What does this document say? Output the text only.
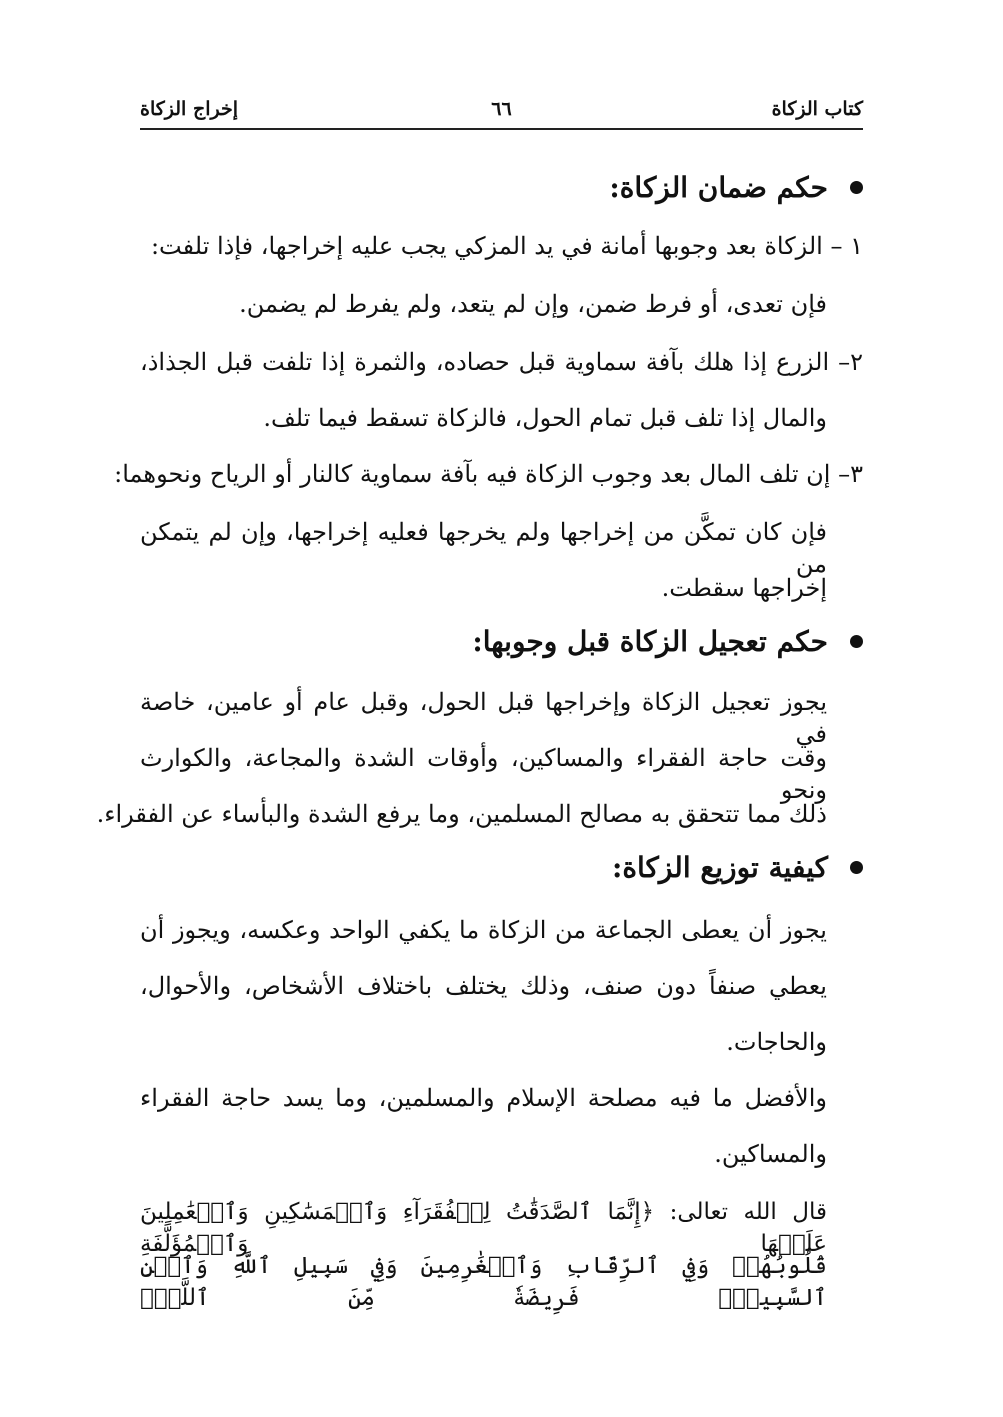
كتاب الزكاة
٦٦
إخراج الزكاة
حكم ضمان الزكاة:
١ – الزكاة بعد وجوبها أمانة في يد المزكي يجب عليه إخراجها، فإذا تلفت:
فإن تعدى، أو فرط ضمن، وإن لم يتعد، ولم يفرط لم يضمن.
٢– الزرع إذا هلك بآفة سماوية قبل حصاده، والثمرة إذا تلفت قبل الجذاذ،
والمال إذا تلف قبل تمام الحول، فالزكاة تسقط فيما تلف.
٣– إن تلف المال بعد وجوب الزكاة فيه بآفة سماوية كالنار أو الرياح ونحوهما:
فإن كان تمكَّن من إخراجها ولم يخرجها فعليه إخراجها، وإن لم يتمكن من
إخراجها سقطت.
حكم تعجيل الزكاة قبل وجوبها:
يجوز تعجيل الزكاة وإخراجها قبل الحول، وقبل عام أو عامين، خاصة في
وقت حاجة الفقراء والمساكين، وأوقات الشدة والمجاعة، والكوارث ونحو
ذلك مما تتحقق به مصالح المسلمين، وما يرفع الشدة والبأساء عن الفقراء.
كيفية توزيع الزكاة:
يجوز أن يعطى الجماعة من الزكاة ما يكفي الواحد وعكسه، ويجوز أن
يعطي صنفاً دون صنف، وذلك يختلف باختلاف الأشخاص، والأحوال،
والحاجات.
والأفضل ما فيه مصلحة الإسلام والمسلمين، وما يسد حاجة الفقراء
والمساكين.
قال الله تعالى: ﴿إِنَّمَا ٱلصَّدَقَٰتُ لِلۡفُقَرَآءِ وَٱلۡمَسَٰكِينِ وَٱلۡعَٰمِلِينَ عَلَيۡهَا وَٱلۡمُؤَلَّفَةِ
قُلُوبُهُمۡ وَفِي ٱلرِّقَابِ وَٱلۡغَٰرِمِينَ وَفِي سَبِيلِ ٱللَّهِ وَٱبۡنِ ٱلسَّبِيلِۖ فَرِيضَةٗ مِّنَ ٱللَّهِۗ
